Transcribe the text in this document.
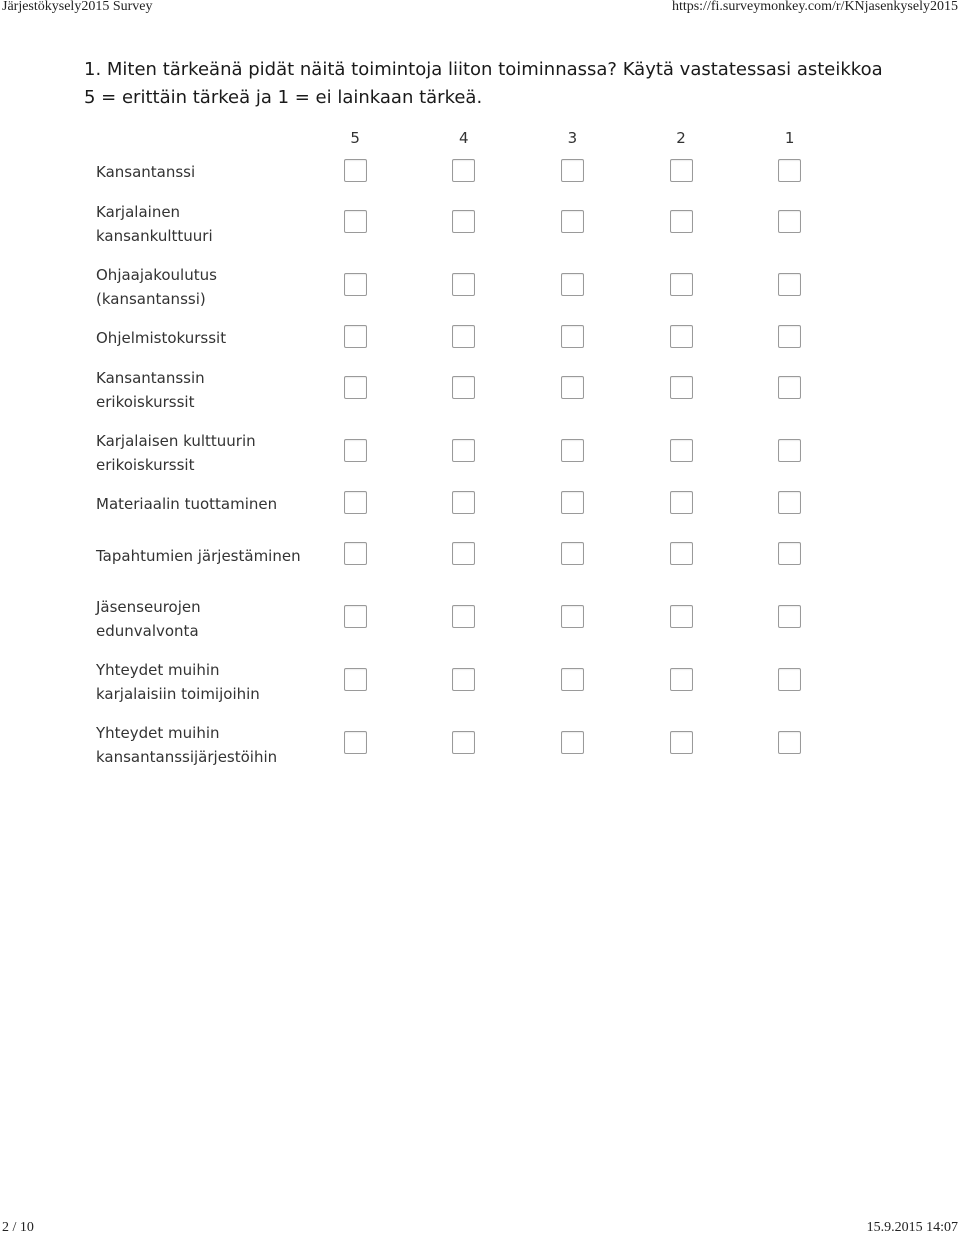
Järjestökysely2015 Survey	https://fi.surveymonkey.com/r/KNjasenkysely2015
1. Miten tärkeänä pidät näitä toimintoja liiton toiminnassa? Käytä vastatessasi asteikkoa 5 = erittäin tärkeä ja 1 = ei lainkaan tärkeä.
	5	4	3	2	1
Kansantanssi					
Karjalainen kansankulttuuri					
Ohjaajakoulutus (kansantanssi)					
Ohjelmistokurssit					
Kansantanssin erikoiskurssit					
Karjalaisen kulttuurin erikoiskurssit					
Materiaalin tuottaminen					
Tapahtumien järjestäminen					
Jäsenseurojen edunvalvonta					
Yhteydet muihin karjalaisiin toimijoihin					
Yhteydet muihin kansantanssijärjestöihin					
2 / 10	15.9.2015 14:07
